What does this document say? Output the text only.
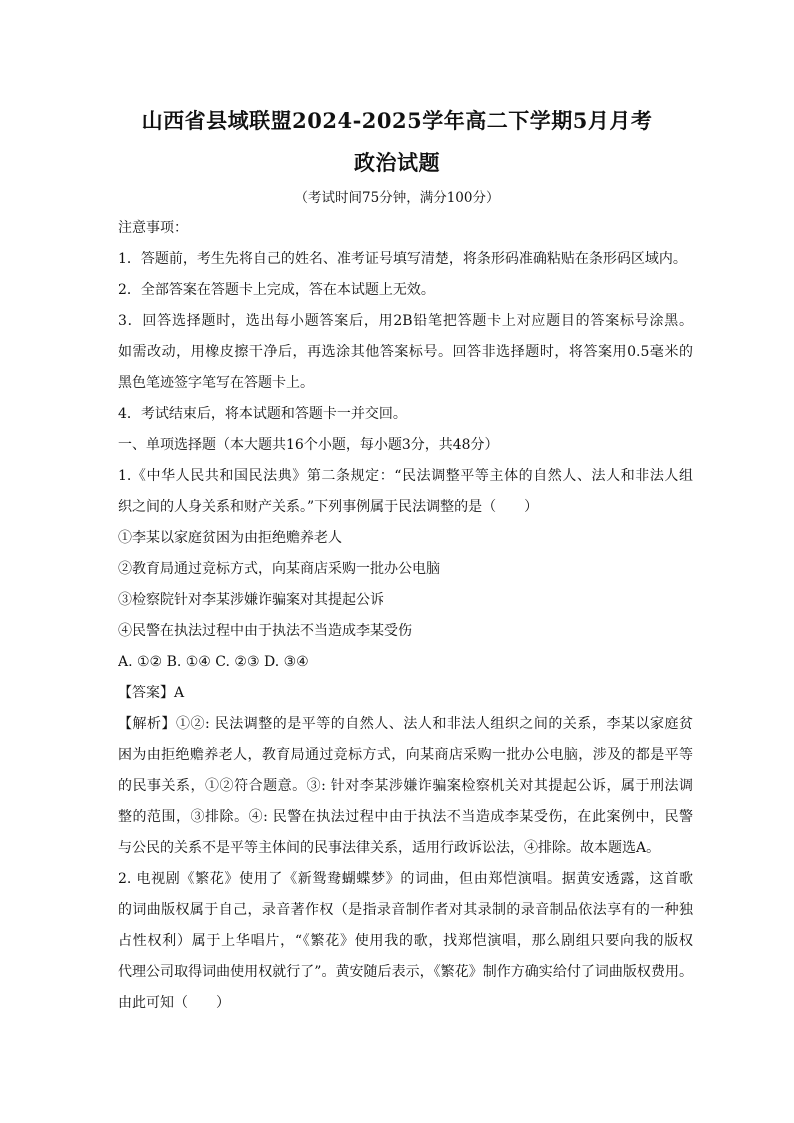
山西省县域联盟2024-2025学年高二下学期5月月考
政治试题
（考试时间75分钟，满分100分）
注意事项：
1．答题前，考生先将自己的姓名、准考证号填写清楚，将条形码准确粘贴在条形码区域内。
2．全部答案在答题卡上完成，答在本试题上无效。
3．回答选择题时，选出每小题答案后，用2B铅笔把答题卡上对应题目的答案标号涂黑。
如需改动，用橡皮擦干净后，再选涂其他答案标号。回答非选择题时，将答案用0.5毫米的
黑色笔迹签字笔写在答题卡上。
4．考试结束后，将本试题和答题卡一并交回。
一、单项选择题（本大题共16个小题，每小题3分，共48分）
1.《中华人民共和国民法典》第二条规定：“民法调整平等主体的自然人、法人和非法人组
织之间的人身关系和财产关系。”下列事例属于民法调整的是（　　）
①李某以家庭贫困为由拒绝赡养老人
②教育局通过竞标方式，向某商店采购一批办公电脑
③检察院针对李某涉嫌诈骗案对其提起公诉
④民警在执法过程中由于执法不当造成李某受伤
A. ①② B. ①④ C. ②③ D. ③④
【答案】A
【解析】①②: 民法调整的是平等的自然人、法人和非法人组织之间的关系，李某以家庭贫
困为由拒绝赡养老人，教育局通过竞标方式，向某商店采购一批办公电脑，涉及的都是平等
的民事关系，①②符合题意。③: 针对李某涉嫌诈骗案检察机关对其提起公诉，属于刑法调
整的范围，③排除。④: 民警在执法过程中由于执法不当造成李某受伤，在此案例中，民警
与公民的关系不是平等主体间的民事法律关系，适用行政诉讼法，④排除。故本题选A。
2. 电视剧《繁花》使用了《新鸳鸯蝴蝶梦》的词曲，但由郑恺演唱。据黄安透露，这首歌
的词曲版权属于自己，录音著作权（是指录音制作者对其录制的录音制品依法享有的一种独
占性权利）属于上华唱片，“《繁花》使用我的歌，找郑恺演唱，那么剧组只要向我的版权
代理公司取得词曲使用权就行了”。黄安随后表示，《繁花》制作方确实给付了词曲版权费用。
由此可知（　　）
